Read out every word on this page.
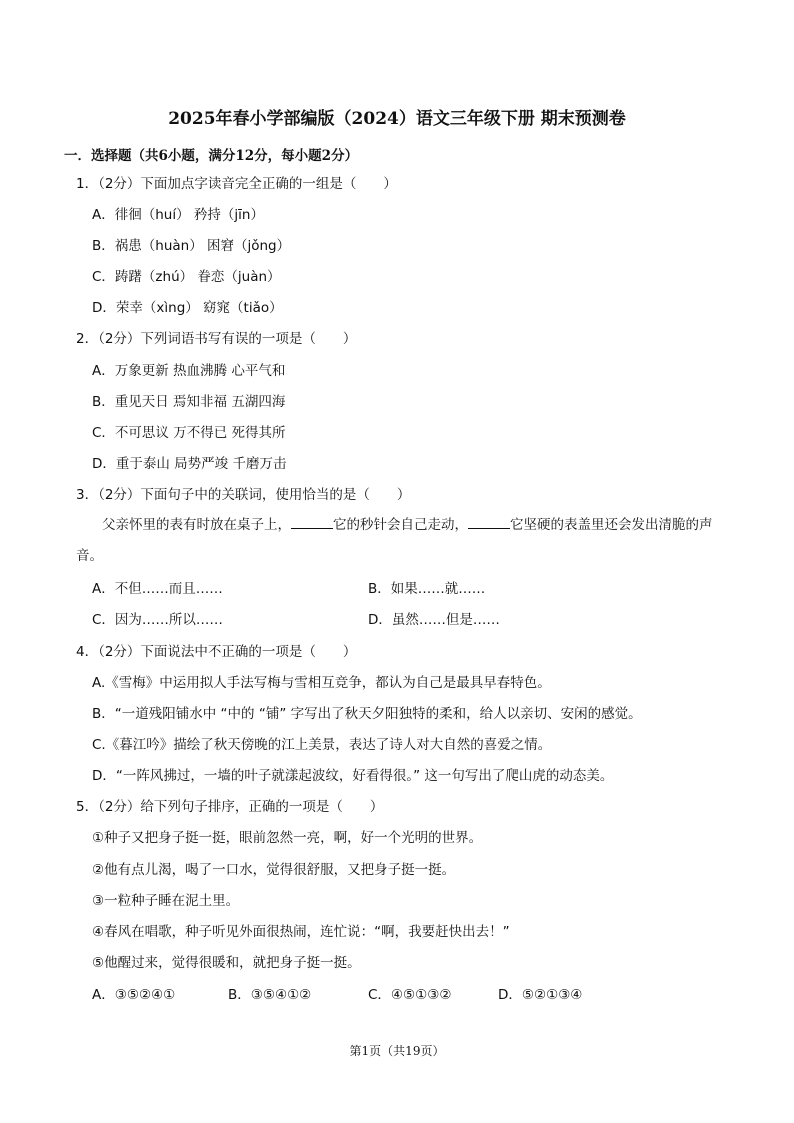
2025年春小学部编版（2024）语文三年级下册 期末预测卷
一．选择题（共6小题，满分12分，每小题2分）
1．（2分）下面加点字读音完全正确的一组是（　　）
A．徘徊（huí） 矜持（jīn）
B．祸患（huàn） 困窘（jǒng）
C．踌躇（zhú） 眷恋（juàn）
D．荣幸（xìng） 窈窕（tiǎo）
2．（2分）下列词语书写有误的一项是（　　）
A．万象更新 热血沸腾 心平气和
B．重见天日 焉知非福 五湖四海
C．不可思议 万不得已 死得其所
D．重于泰山 局势严竣 千磨万击
3．（2分）下面句子中的关联词，使用恰当的是（　　）
父亲怀里的表有时放在桌子上，	它的秒针会自己走动，	它坚硬的表盖里还会发出清脆的声音。
A．不但……而且……	B．如果……就……
C．因为……所以……	D．虽然……但是……
4．（2分）下面说法中不正确的一项是（　　）
A.《雪梅》中运用拟人手法写梅与雪相互竞争，都认为自己是最具早春特色。
B．“一道残阳铺水中 “中的 “铺” 字写出了秋天夕阳独特的柔和，给人以亲切、安闲的感觉。
C.《暮江吟》描绘了秋天傍晚的江上美景，表达了诗人对大自然的喜爱之情。
D．“一阵风拂过，一墙的叶子就漾起波纹，好看得很。” 这一句写出了爬山虎的动态美。
5．（2分）给下列句子排序，正确的一项是（　　）
①种子又把身子挺一挺，眼前忽然一亮，啊，好一个光明的世界。
②他有点儿渴，喝了一口水，觉得很舒服，又把身子挺一挺。
③一粒种子睡在泥土里。
④春风在唱歌，种子听见外面很热闹，连忙说：“啊，我要赶快出去！”
⑤他醒过来，觉得很暖和，就把身子挺一挺。
A．③⑤②④①	B．③⑤④①②	C．④⑤①③②	D．⑤②①③④
第1页（共19页）
